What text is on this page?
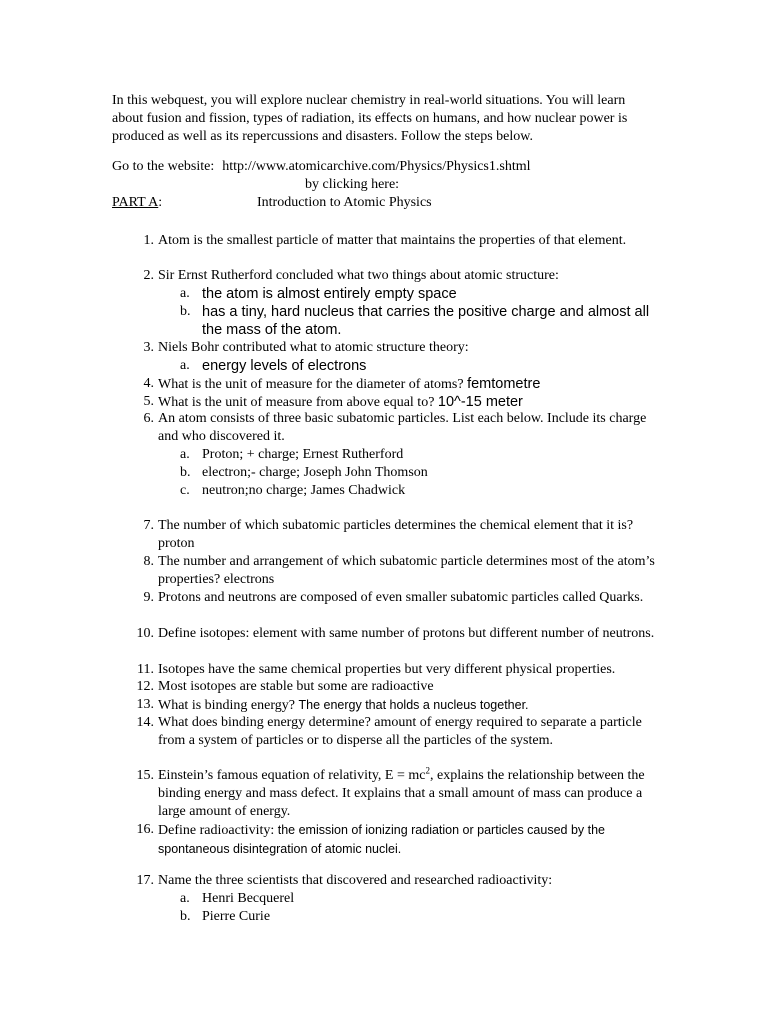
In this webquest, you will explore nuclear chemistry in real-world situations. You will learn about fusion and fission, types of radiation, its effects on humans, and how nuclear power is produced as well as its repercussions and disasters. Follow the steps below.
Go to the website: http://www.atomicarchive.com/Physics/Physics1.shtml
by clicking here:
PART A:	Introduction to Atomic Physics
1. Atom is the smallest particle of matter that maintains the properties of that element.
2. Sir Ernst Rutherford concluded what two things about atomic structure:
a. the atom is almost entirely empty space
b. has a tiny, hard nucleus that carries the positive charge and almost all the mass of the atom.
3. Niels Bohr contributed what to atomic structure theory:
a. energy levels of electrons
4. What is the unit of measure for the diameter of atoms? femtometre
5. What is the unit of measure from above equal to? 10^-15 meter
6. An atom consists of three basic subatomic particles. List each below. Include its charge and who discovered it.
a. Proton; + charge; Ernest Rutherford
b. electron;- charge; Joseph John Thomson
c. neutron;no charge; James Chadwick
7. The number of which subatomic particles determines the chemical element that it is? proton
8. The number and arrangement of which subatomic particle determines most of the atom’s properties? electrons
9. Protons and neutrons are composed of even smaller subatomic particles called Quarks.
10. Define isotopes: element with same number of protons but different number of neutrons.
11. Isotopes have the same chemical properties but very different physical properties.
12. Most isotopes are stable but some are radioactive
13. What is binding energy? The energy that holds a nucleus together.
14. What does binding energy determine? amount of energy required to separate a particle from a system of particles or to disperse all the particles of the system.
15. Einstein’s famous equation of relativity, $E = mc^2$, explains the relationship between the binding energy and mass defect. It explains that a small amount of mass can produce a large amount of energy.
16. Define radioactivity: the emission of ionizing radiation or particles caused by the spontaneous disintegration of atomic nuclei.
17. Name the three scientists that discovered and researched radioactivity:
a. Henri Becquerel
b. Pierre Curie
